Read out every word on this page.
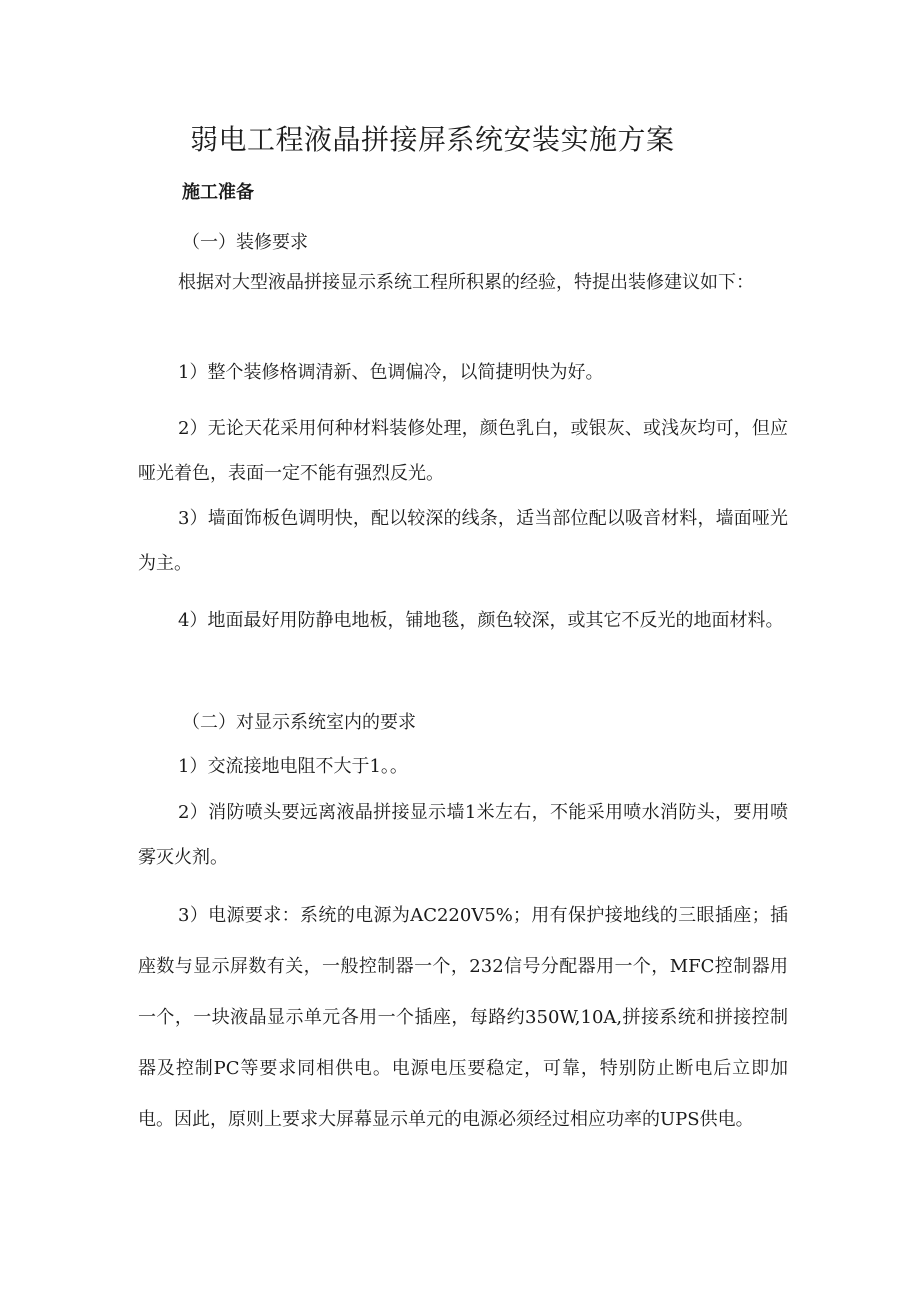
弱电工程液晶拼接屏系统安装实施方案
施工准备
（一）装修要求

根据对大型液晶拼接显示系统工程所积累的经验，特提出装修建议如下：

1）整个装修格调清新、色调偏冷，以简捷明快为好。

2）无论天花采用何种材料装修处理，颜色乳白，或银灰、或浅灰均可，但应哑光着色，表面一定不能有强烈反光。

3）墙面饰板色调明快，配以较深的线条，适当部位配以吸音材料，墙面哑光为主。

4）地面最好用防静电地板，铺地毯，颜色较深，或其它不反光的地面材料。

（二）对显示系统室内的要求

1）交流接地电阻不大于1。。

2）消防喷头要远离液晶拼接显示墙1米左右，不能采用喷水消防头，要用喷雾灭火剂。

3）电源要求：系统的电源为AC220V5%；用有保护接地线的三眼插座；插座数与显示屏数有关，一般控制器一个，232信号分配器用一个，MFC控制器用一个，一块液晶显示单元各用一个插座，每路约350W,10A,拼接系统和拼接控制器及控制PC等要求同相供电。电源电压要稳定，可靠，特别防止断电后立即加电。因此，原则上要求大屏幕显示单元的电源必须经过相应功率的UPS供电。
